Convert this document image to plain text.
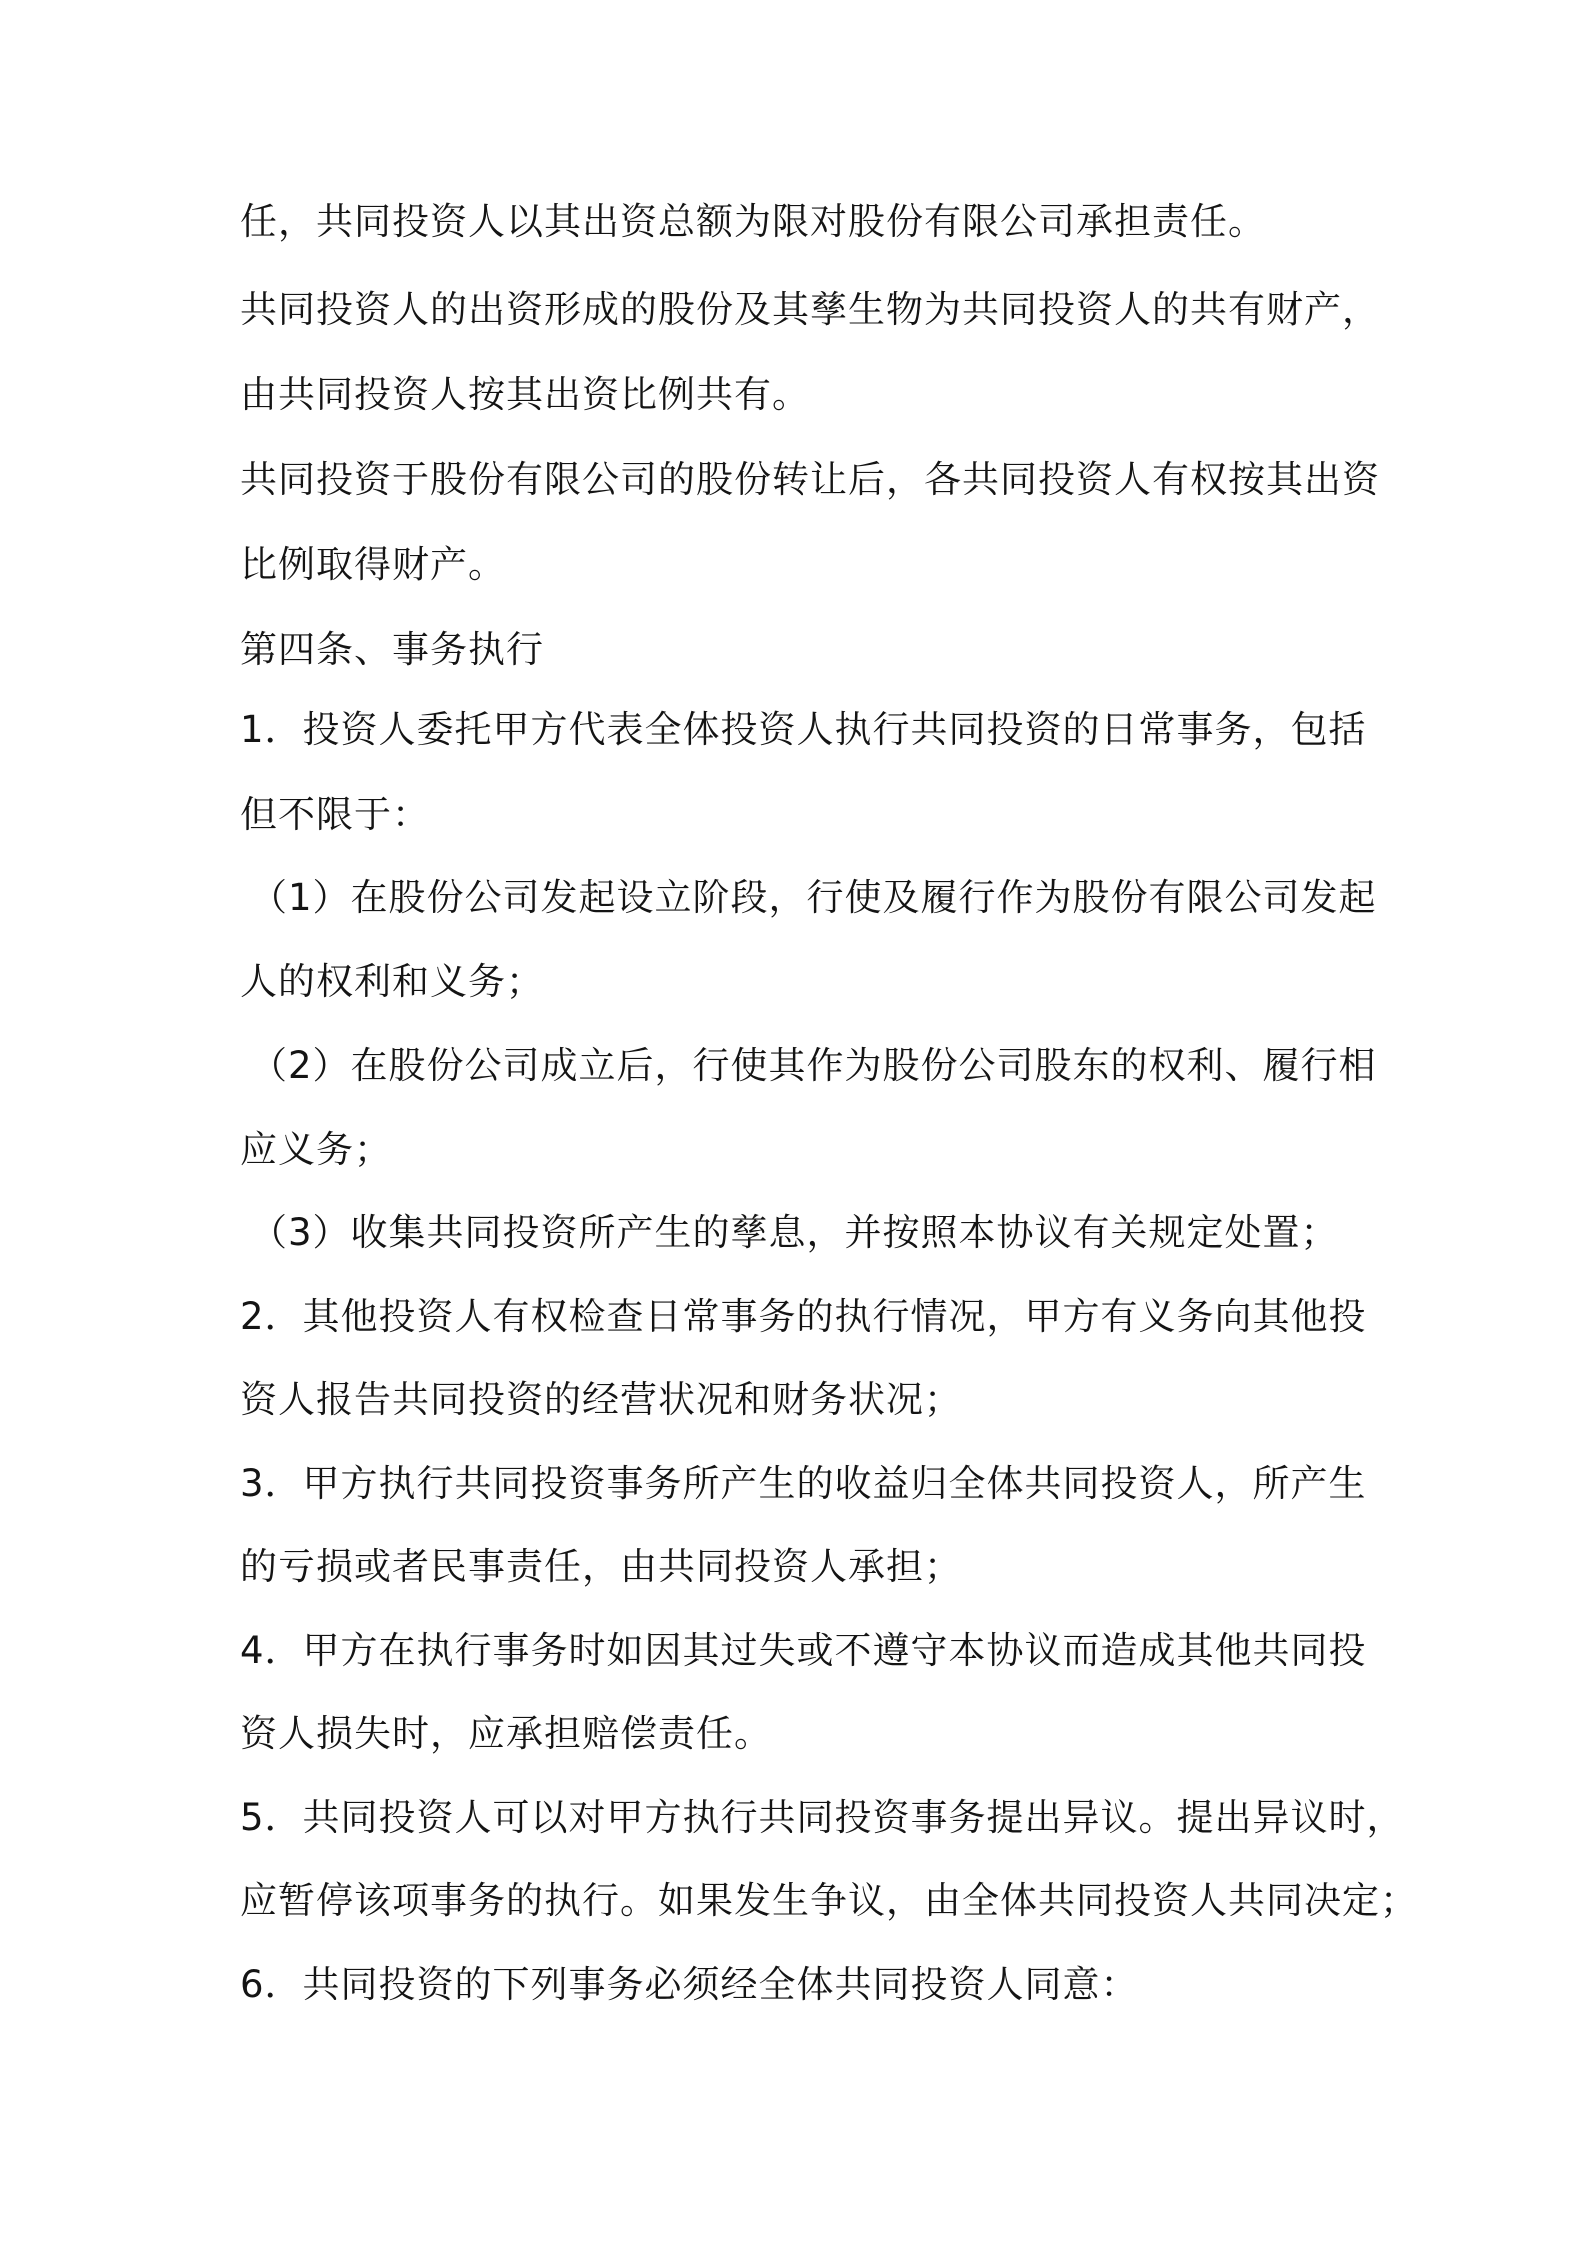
任，共同投资人以其出资总额为限对股份有限公司承担责任。
共同投资人的出资形成的股份及其孳生物为共同投资人的共有财产，
由共同投资人按其出资比例共有。
共同投资于股份有限公司的股份转让后，各共同投资人有权按其出资
比例取得财产。
第四条、事务执行
1．投资人委托甲方代表全体投资人执行共同投资的日常事务，包括
但不限于：
（1）在股份公司发起设立阶段，行使及履行作为股份有限公司发起
人的权利和义务；
（2）在股份公司成立后，行使其作为股份公司股东的权利、履行相
应义务；
（3）收集共同投资所产生的孳息，并按照本协议有关规定处置；
2．其他投资人有权检查日常事务的执行情况，甲方有义务向其他投
资人报告共同投资的经营状况和财务状况；
3．甲方执行共同投资事务所产生的收益归全体共同投资人，所产生
的亏损或者民事责任，由共同投资人承担；
4．甲方在执行事务时如因其过失或不遵守本协议而造成其他共同投
资人损失时，应承担赔偿责任。
5．共同投资人可以对甲方执行共同投资事务提出异议。提出异议时，
应暂停该项事务的执行。如果发生争议，由全体共同投资人共同决定；
6．共同投资的下列事务必须经全体共同投资人同意：
